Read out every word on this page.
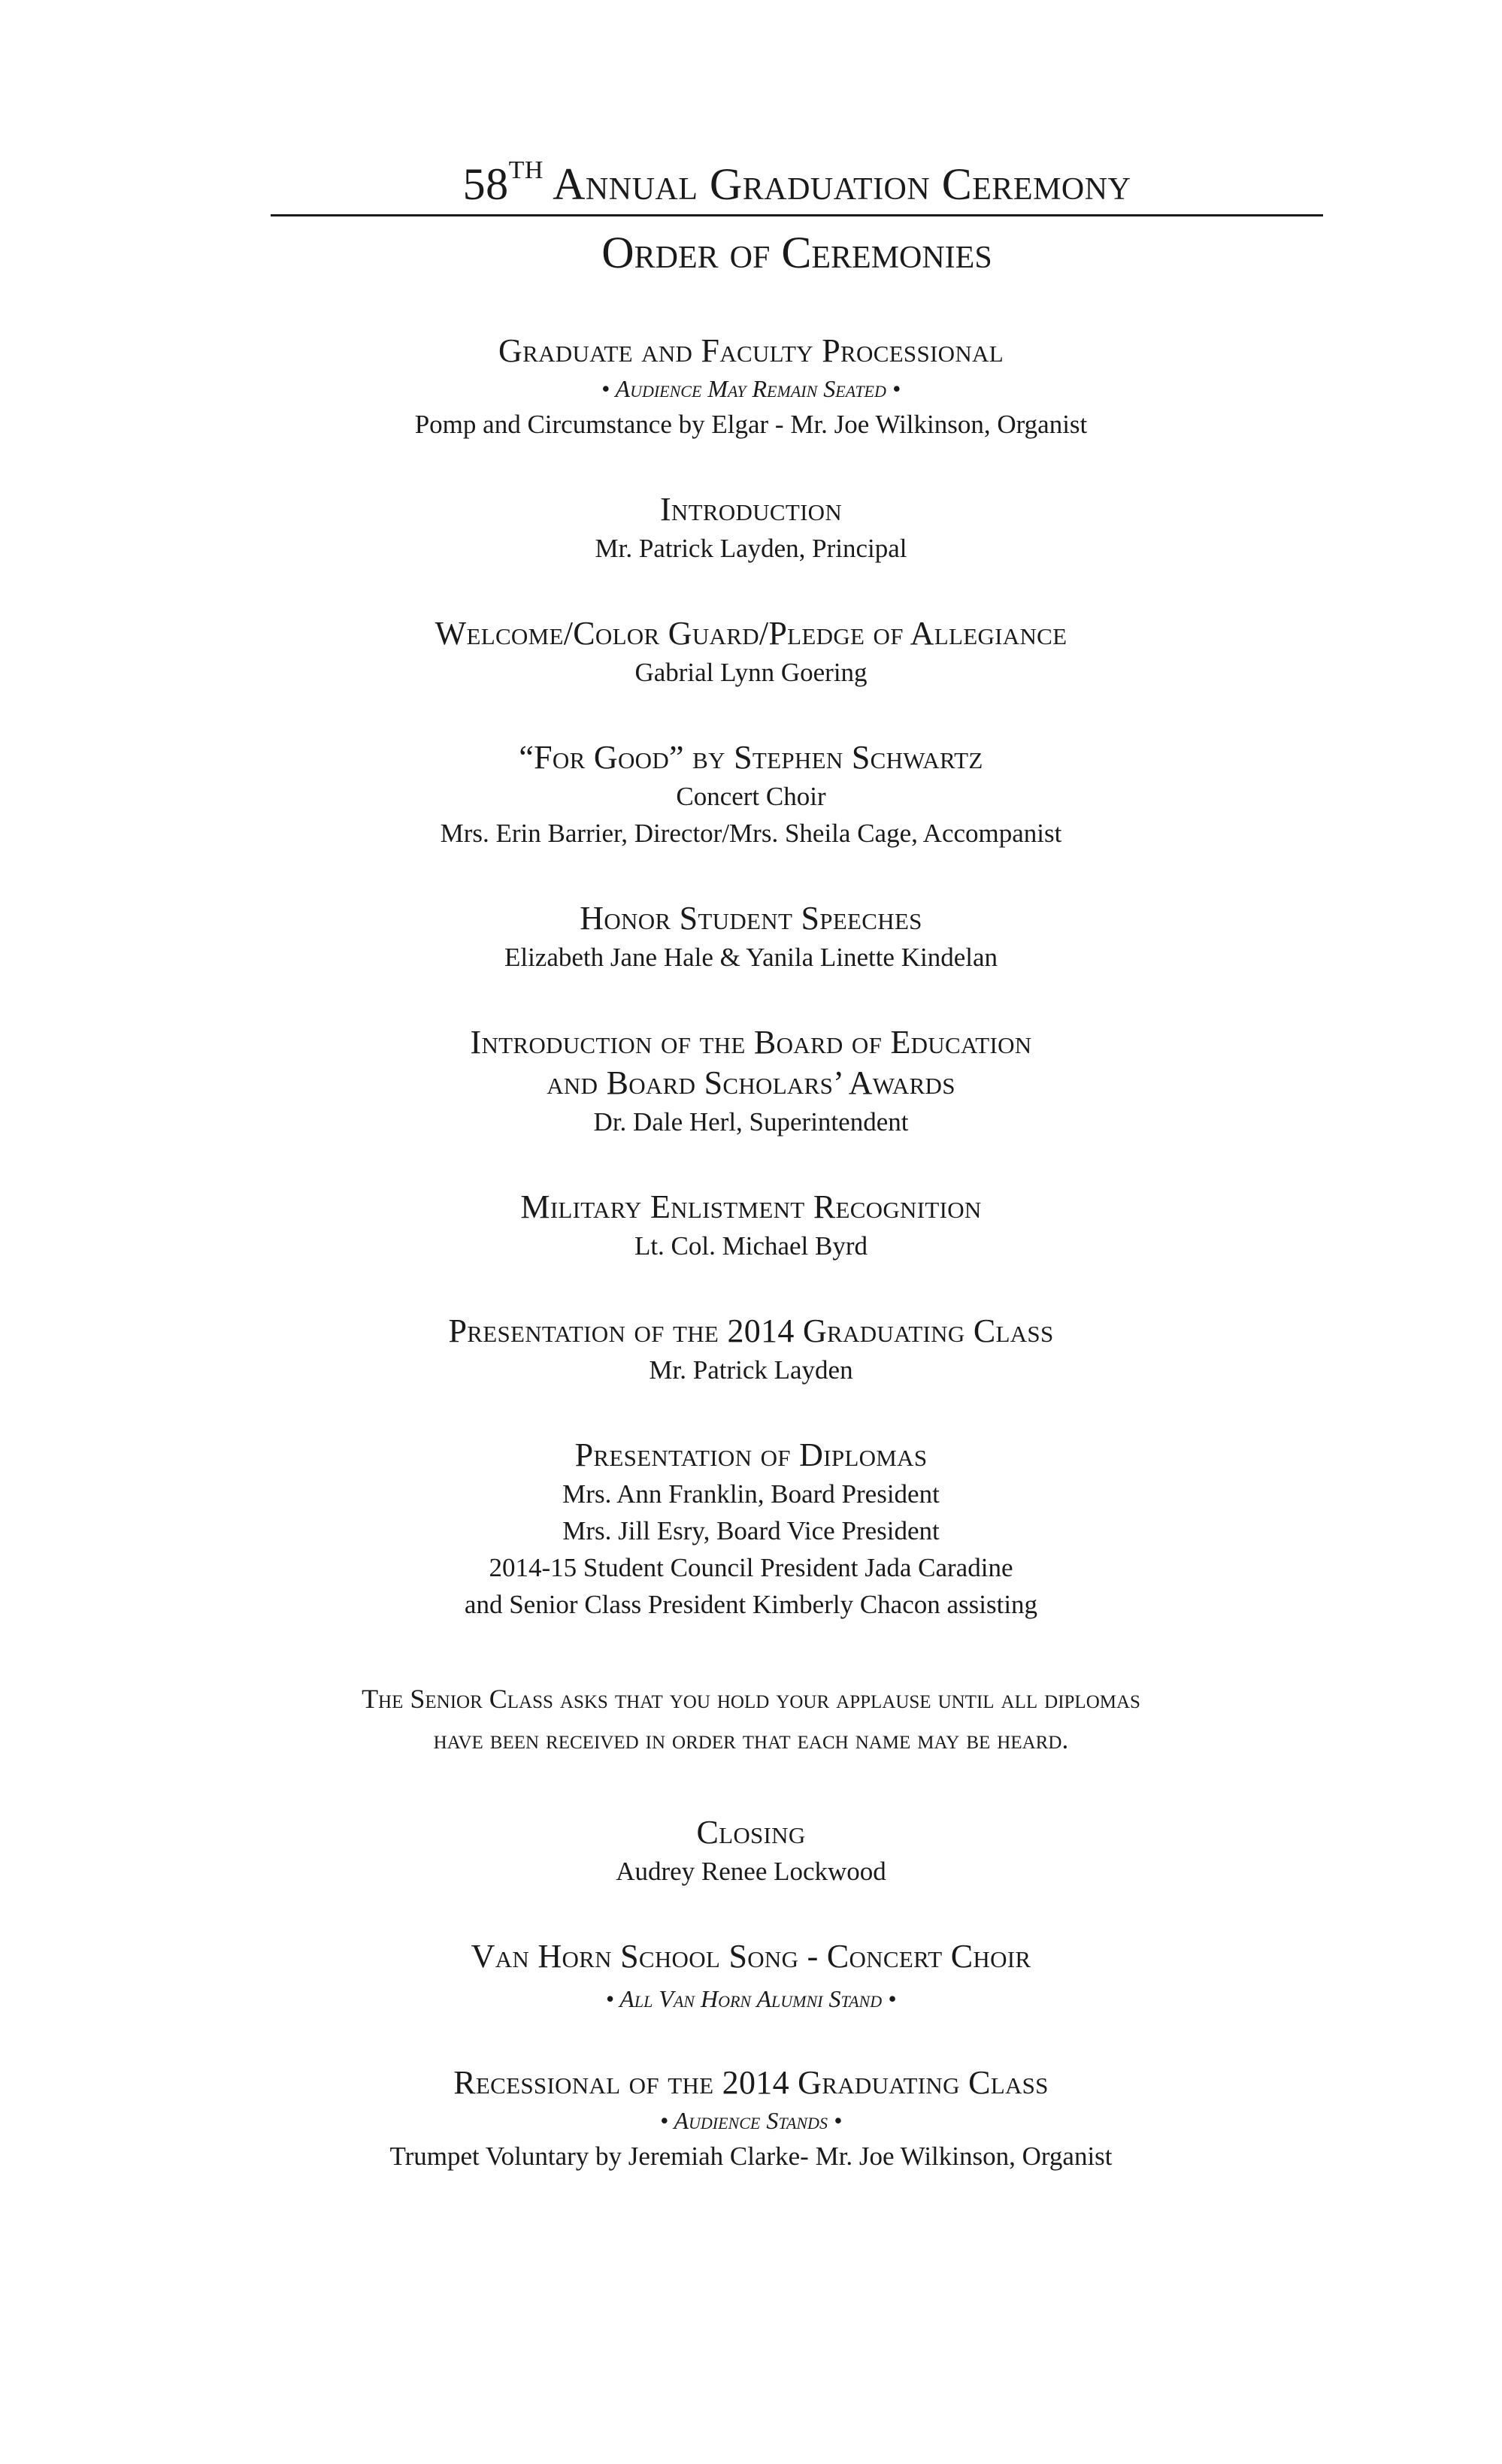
58TH Annual Graduation Ceremony
Order of Ceremonies
Graduate and Faculty Processional
• Audience May Remain Seated •
Pomp and Circumstance by Elgar - Mr. Joe Wilkinson, Organist
Introduction
Mr. Patrick Layden, Principal
Welcome/Color Guard/Pledge of Allegiance
Gabrial Lynn Goering
“For Good” by Stephen Schwartz
Concert Choir
Mrs. Erin Barrier, Director/Mrs. Sheila Cage, Accompanist
Honor Student Speeches
Elizabeth Jane Hale & Yanila Linette Kindelan
Introduction of the Board of Education
and Board Scholars’ Awards
Dr. Dale Herl, Superintendent
Military Enlistment Recognition
Lt. Col. Michael Byrd
Presentation of the 2014 Graduating Class
Mr. Patrick Layden
Presentation of Diplomas
Mrs. Ann Franklin, Board President
Mrs. Jill Esry, Board Vice President
2014-15 Student Council President Jada Caradine
and Senior Class President Kimberly Chacon assisting
The Senior Class asks that you hold your applause until all diplomas
have been received in order that each name may be heard.
Closing
Audrey Renee Lockwood
Van Horn School Song - Concert Choir
• All Van Horn Alumni Stand •
Recessional of the 2014 Graduating Class
• Audience Stands •
Trumpet Voluntary by Jeremiah Clarke- Mr. Joe Wilkinson, Organist
